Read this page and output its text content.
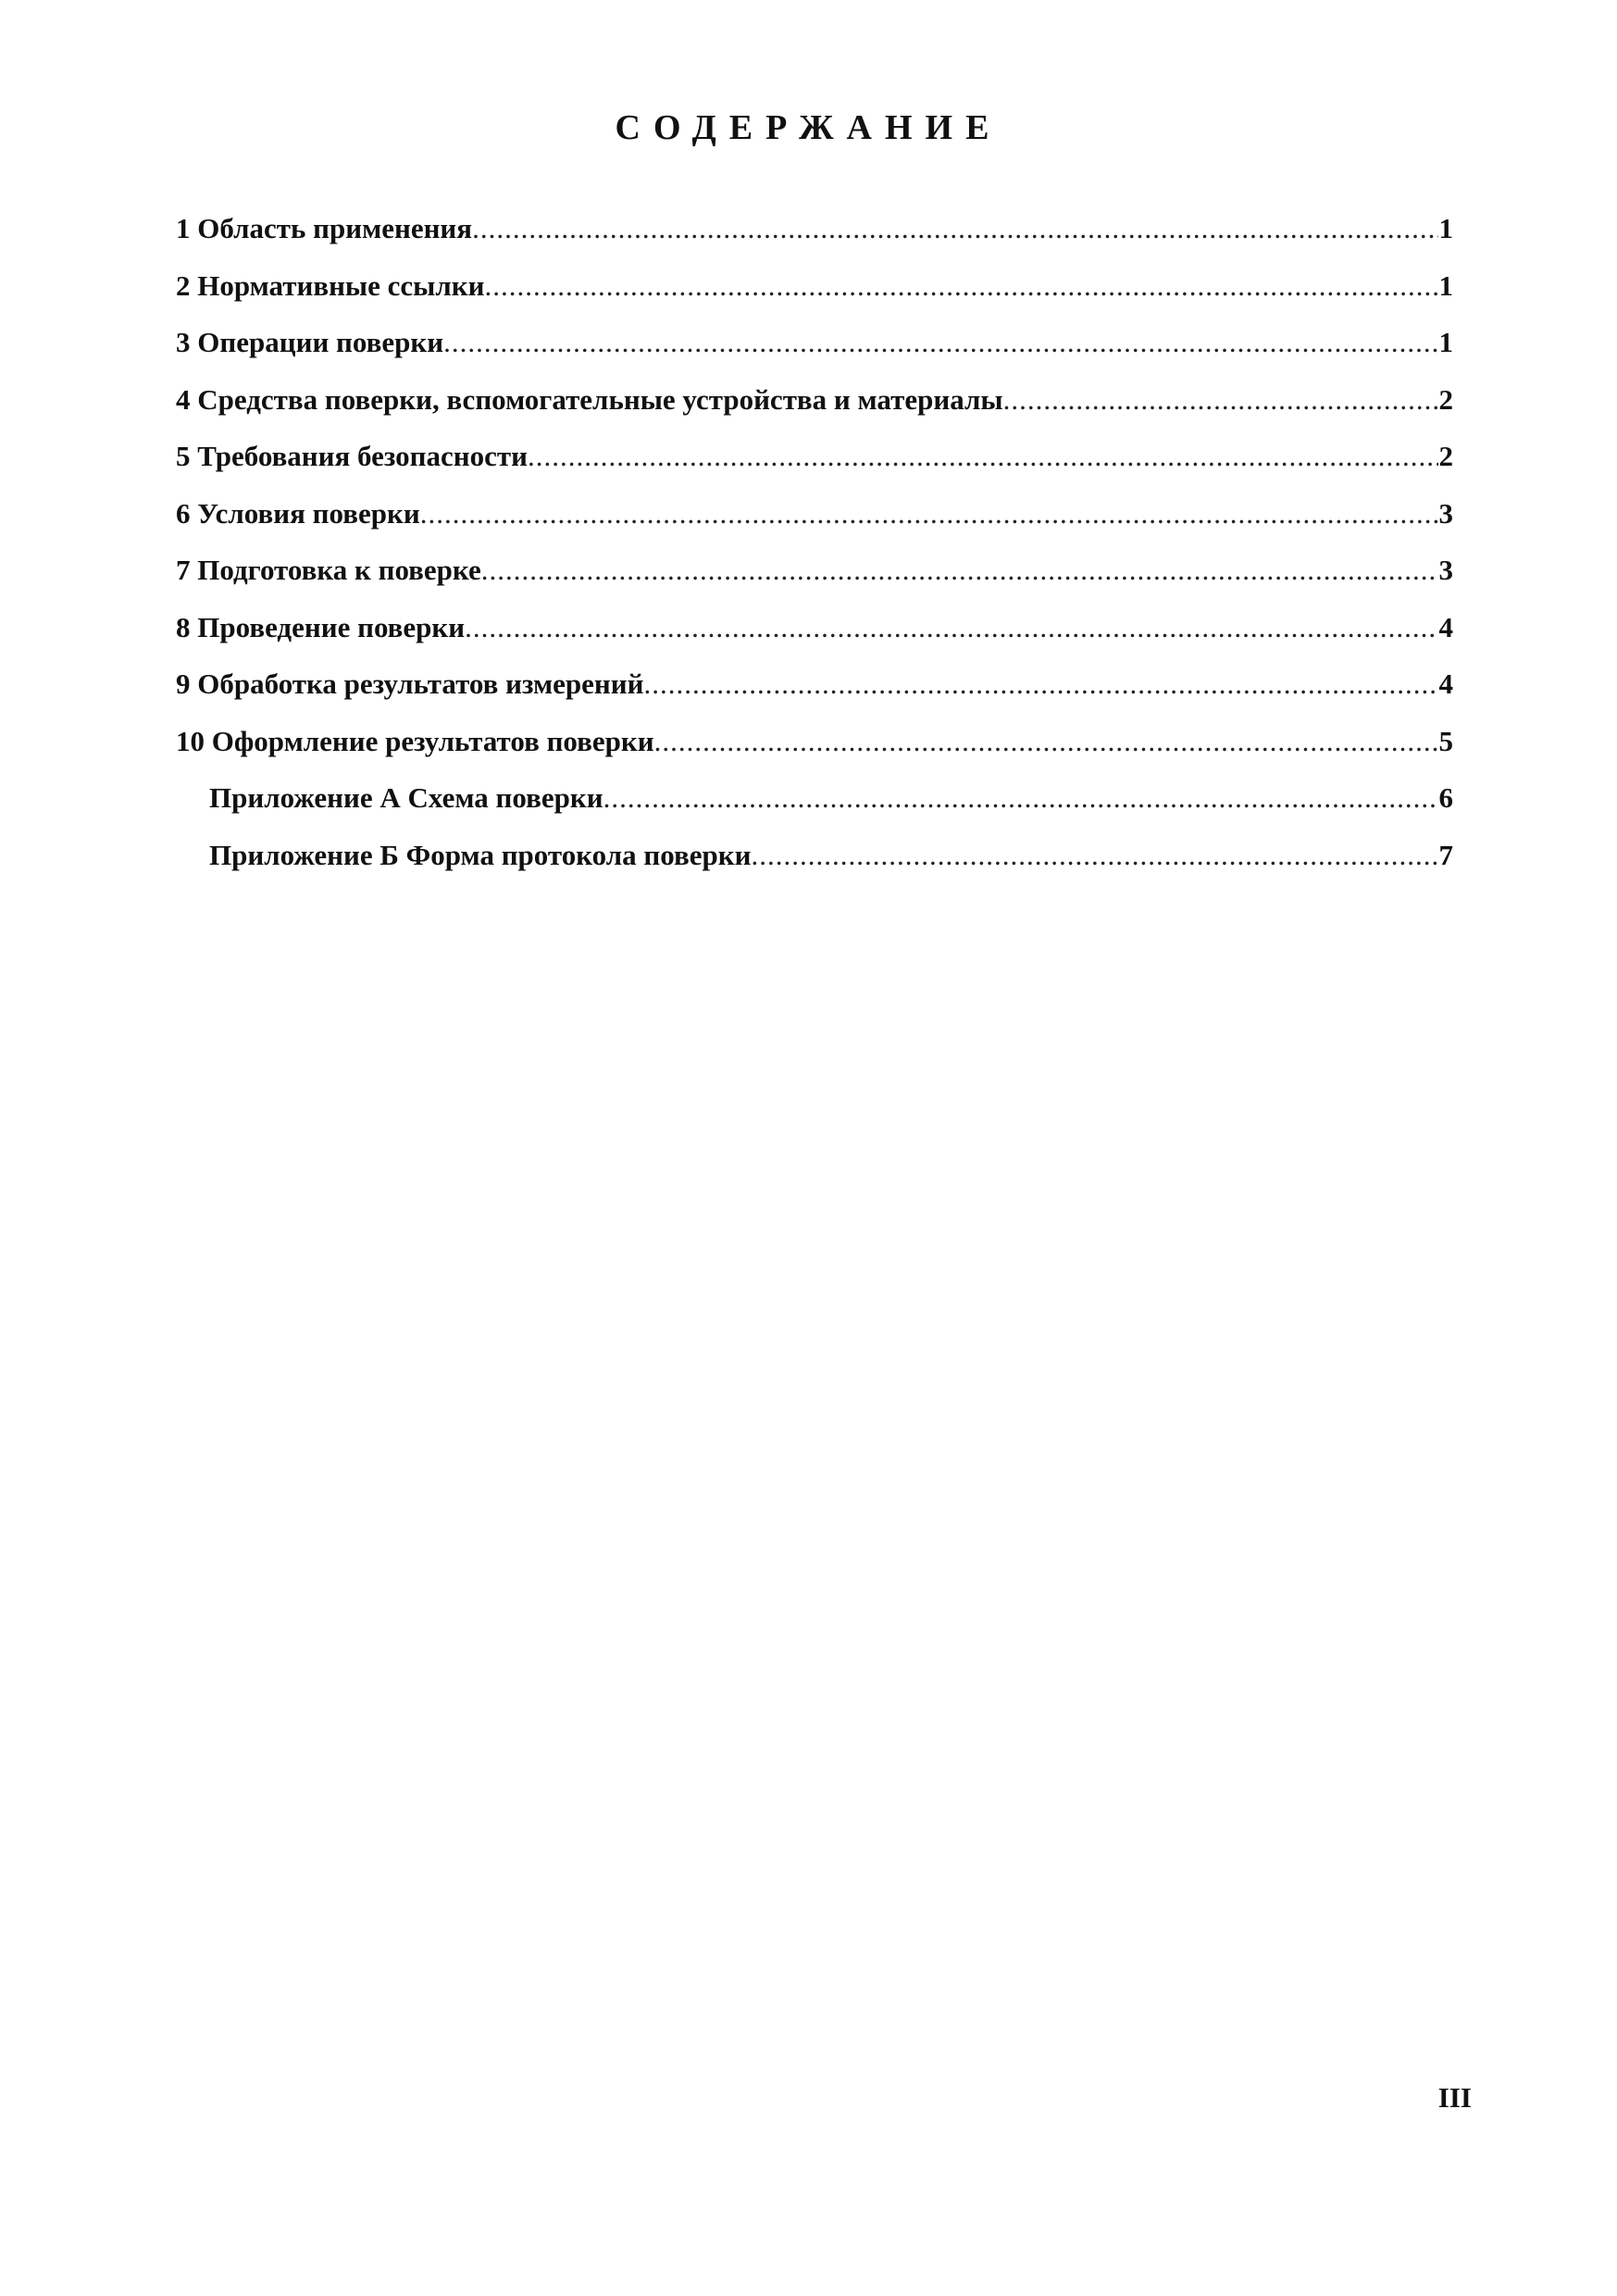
СОДЕРЖАНИЕ
1 Область применения .....	1
2 Нормативные ссылки .....	1
3 Операции поверки .....	1
4 Средства поверки, вспомогательные устройства и материалы .....	2
5 Требования безопасности .....	2
6 Условия поверки .....	3
7 Подготовка к поверке .....	3
8 Проведение поверки .....	4
9 Обработка результатов измерений .....	4
10 Оформление результатов поверки .....	5
Приложение А Схема поверки .....	6
Приложение Б Форма протокола поверки .....	7
III
